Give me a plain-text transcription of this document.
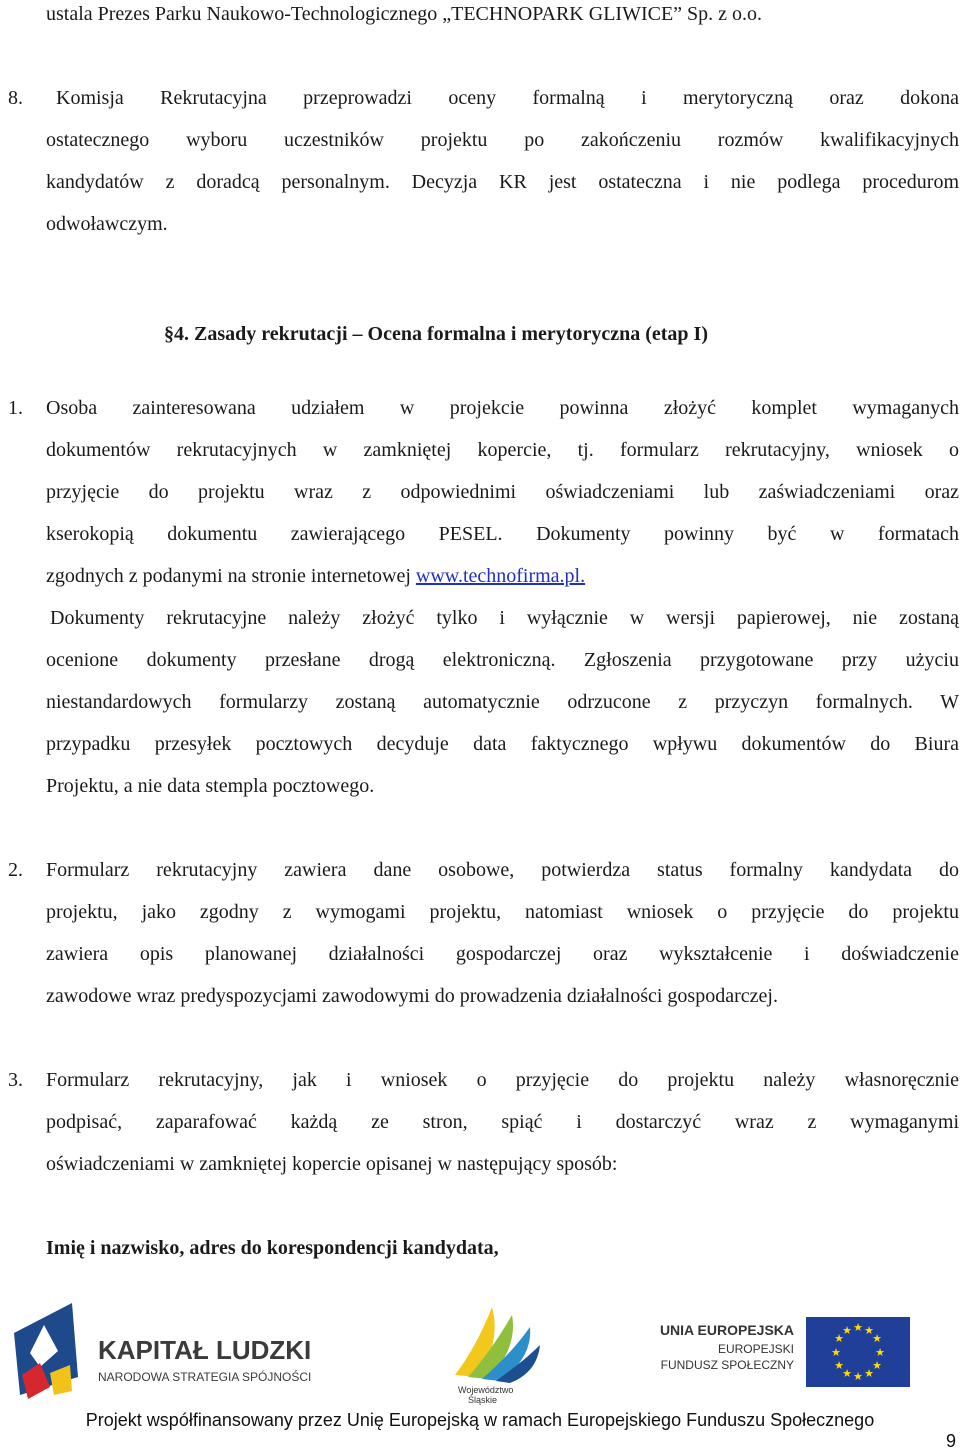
ustala Prezes Parku Naukowo-Technologicznego „TECHNOPARK GLIWICE” Sp. z o.o.

8. Komisja Rekrutacyjna przeprowadzi oceny formalną i merytoryczną oraz dokona

ostatecznego wyboru uczestników projektu po zakończeniu rozmów kwalifikacyjnych

kandydatów z doradcą personalnym. Decyzja KR jest ostateczna i nie podlega procedurom

odwoławczym.

§4. Zasady rekrutacji – Ocena formalna i merytoryczna (etap I)

1. Osoba zainteresowana udziałem w projekcie powinna złożyć komplet wymaganych

dokumentów rekrutacyjnych w zamkniętej kopercie, tj. formularz rekrutacyjny, wniosek o

przyjęcie do projektu wraz z odpowiednimi oświadczeniami lub zaświadczeniami oraz

kserokopią dokumentu zawierającego PESEL. Dokumenty powinny być w formatach

zgodnych z podanymi na stronie internetowej www.technofirma.pl.

Dokumenty rekrutacyjne należy złożyć tylko i wyłącznie w wersji papierowej, nie zostaną

ocenione dokumenty przesłane drogą elektroniczną. Zgłoszenia przygotowane przy użyciu

niestandardowych formularzy zostaną automatycznie odrzucone z przyczyn formalnych. W

przypadku przesyłek pocztowych decyduje data faktycznego wpływu dokumentów do Biura

Projektu, a nie data stempla pocztowego.

2. Formularz rekrutacyjny zawiera dane osobowe, potwierdza status formalny kandydata do

projektu, jako zgodny z wymogami projektu, natomiast wniosek o przyjęcie do projektu

zawiera opis planowanej działalności gospodarczej oraz wykształcenie i doświadczenie

zawodowe wraz predyspozycjami zawodowymi do prowadzenia działalności gospodarczej.

3. Formularz rekrutacyjny, jak i wniosek o przyjęcie do projektu należy własnoręcznie

podpisać, zaparafować każdą ze stron, spiąć i dostarczyć wraz z wymaganymi

oświadczeniami w zamkniętej kopercie opisanej w następujący sposób:

Imię i nazwisko, adres do korespondencji kandydata,

KAPITAŁ LUDZKI
NARODOWA STRATEGIA SPÓJNOŚCI
Województwo
Śląskie
UNIA EUROPEJSKA
EUROPEJSKI
FUNDUSZ SPOŁECZNY
★ ★
★
★
★
★
★
★
★
★
★
★
Projekt współfinansowany przez Unię Europejską w ramach Europejskiego Funduszu Społecznego
9
